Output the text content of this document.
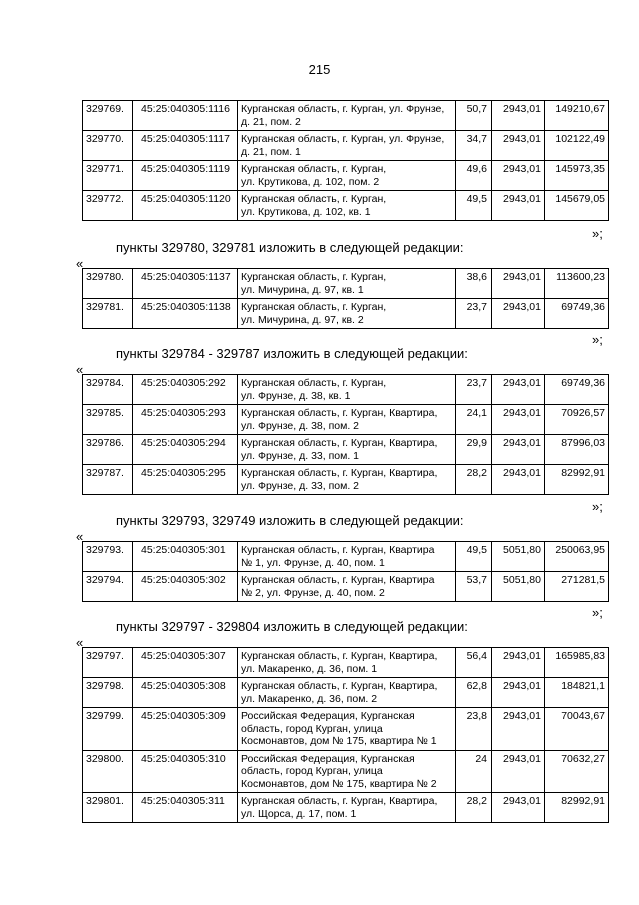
215
329769.	45:25:040305:1116	Курганская область, г. Курган, ул. Фрунзе,
д. 21, пом. 2	50,7	2943,01	149210,67
329770.	45:25:040305:1117	Курганская область, г. Курган, ул. Фрунзе,
д. 21, пом. 1	34,7	2943,01	102122,49
329771.	45:25:040305:1119	Курганская область, г. Курган,
ул. Крутикова, д. 102, пом. 2	49,6	2943,01	145973,35
329772.	45:25:040305:1120	Курганская область, г. Курган,
ул. Крутикова, д. 102, кв. 1	49,5	2943,01	145679,05
»;
пункты 329780, 329781 изложить в следующей редакции:
«
329780.	45:25:040305:1137	Курганская область, г. Курган,
ул. Мичурина, д. 97, кв. 1	38,6	2943,01	113600,23
329781.	45:25:040305:1138	Курганская область, г. Курган,
ул. Мичурина, д. 97, кв. 2	23,7	2943,01	69749,36
»;
пункты 329784 - 329787 изложить в следующей редакции:
«
329784.	45:25:040305:292	Курганская область, г. Курган,
ул. Фрунзе, д. 38, кв. 1	23,7	2943,01	69749,36
329785.	45:25:040305:293	Курганская область, г. Курган, Квартира,
ул. Фрунзе, д. 38, пом. 2	24,1	2943,01	70926,57
329786.	45:25:040305:294	Курганская область, г. Курган, Квартира,
ул. Фрунзе, д. 33, пом. 1	29,9	2943,01	87996,03
329787.	45:25:040305:295	Курганская область, г. Курган, Квартира,
ул. Фрунзе, д. 33, пом. 2	28,2	2943,01	82992,91
»;
пункты 329793, 329749 изложить в следующей редакции:
«
329793.	45:25:040305:301	Курганская область, г. Курган, Квартира
№ 1, ул. Фрунзе, д. 40, пом. 1	49,5	5051,80	250063,95
329794.	45:25:040305:302	Курганская область, г. Курган, Квартира
№ 2, ул. Фрунзе, д. 40, пом. 2	53,7	5051,80	271281,5
»;
пункты 329797 - 329804 изложить в следующей редакции:
«
329797.	45:25:040305:307	Курганская область, г. Курган, Квартира,
ул. Макаренко, д. 36, пом. 1	56,4	2943,01	165985,83
329798.	45:25:040305:308	Курганская область, г. Курган, Квартира,
ул. Макаренко, д. 36, пом. 2	62,8	2943,01	184821,1
329799.	45:25:040305:309	Российская Федерация, Курганская
область, город Курган, улица
Космонавтов, дом № 175, квартира № 1	23,8	2943,01	70043,67
329800.	45:25:040305:310	Российская Федерация, Курганская
область, город Курган, улица
Космонавтов, дом № 175, квартира № 2	24	2943,01	70632,27
329801.	45:25:040305:311	Курганская область, г. Курган, Квартира,
ул. Щорса, д. 17, пом. 1	28,2	2943,01	82992,91
